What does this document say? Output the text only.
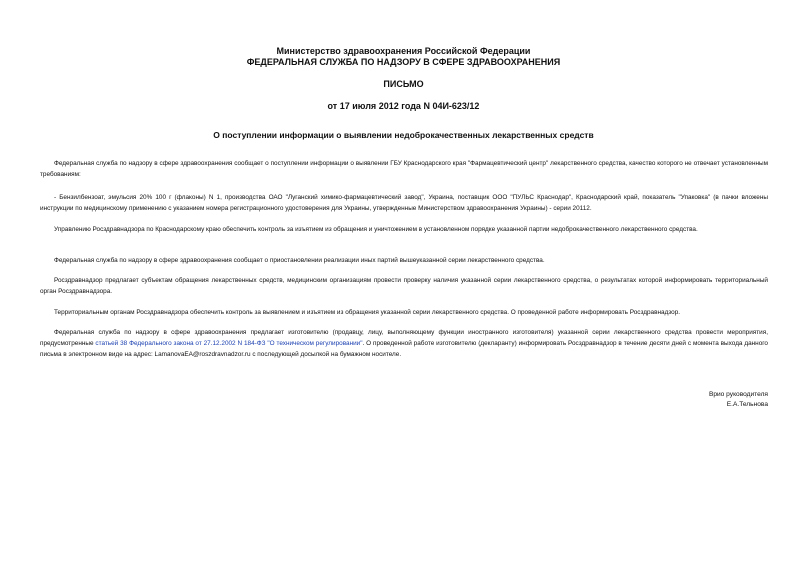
Министерство здравоохранения Российской Федерации
ФЕДЕРАЛЬНАЯ СЛУЖБА ПО НАДЗОРУ В СФЕРЕ ЗДРАВООХРАНЕНИЯ
ПИСЬМО
от 17 июля 2012 года N 04И-623/12
О поступлении информации о выявлении недоброкачественных лекарственных средств

Федеральная служба по надзору в сфере здравоохранения сообщает о поступлении информации о выявлении ГБУ Краснодарского края "Фармацевтический центр" лекарственного средства, качество которого не отвечает установленным требованиям:

- Бензилбензоат, эмульсия 20% 100 г (флаконы) N 1, производства ОАО "Луганский химико-фармацевтический завод", Украина, поставщик ООО "ПУЛЬС Краснодар", Краснодарский край, показатель "Упаковка" (в пачки вложены инструкции по медицинскому применению с указанием номера регистрационного удостоверения для Украины, утвержденные Министерством здравоохранения Украины) - серии 20112.

Управлению Росздравнадзора по Краснодарскому краю обеспечить контроль за изъятием из обращения и уничтожением в установленном порядке указанной партии недоброкачественного лекарственного средства.

Федеральная служба по надзору в сфере здравоохранения сообщает о приостановлении реализации иных партий вышеуказанной серии лекарственного средства.

Росздравнадзор предлагает субъектам обращения лекарственных средств, медицинским организациям провести проверку наличия указанной серии лекарственного средства, о результатах которой информировать территориальный орган Росздравнадзора.

Территориальным органам Росздравнадзора обеспечить контроль за выявлением и изъятием из обращения указанной серии лекарственного средства. О проведенной работе информировать Росздравнадзор.

Федеральная служба по надзору в сфере здравоохранения предлагает изготовителю (продавцу, лицу, выполняющему функции иностранного изготовителя) указанной серии лекарственного средства провести мероприятия, предусмотренные статьей 38 Федерального закона от 27.12.2002 N 184-ФЗ "О техническом регулировании". О проведенной работе изготовителю (декларанту) информировать Росздравнадзор в течение десяти дней с момента выхода данного письма в электронном виде на адрес: LamanovaEA@roszdravnadzor.ru с последующей досылкой на бумажном носителе.

Врио руководителя
Е.А.Тельнова
